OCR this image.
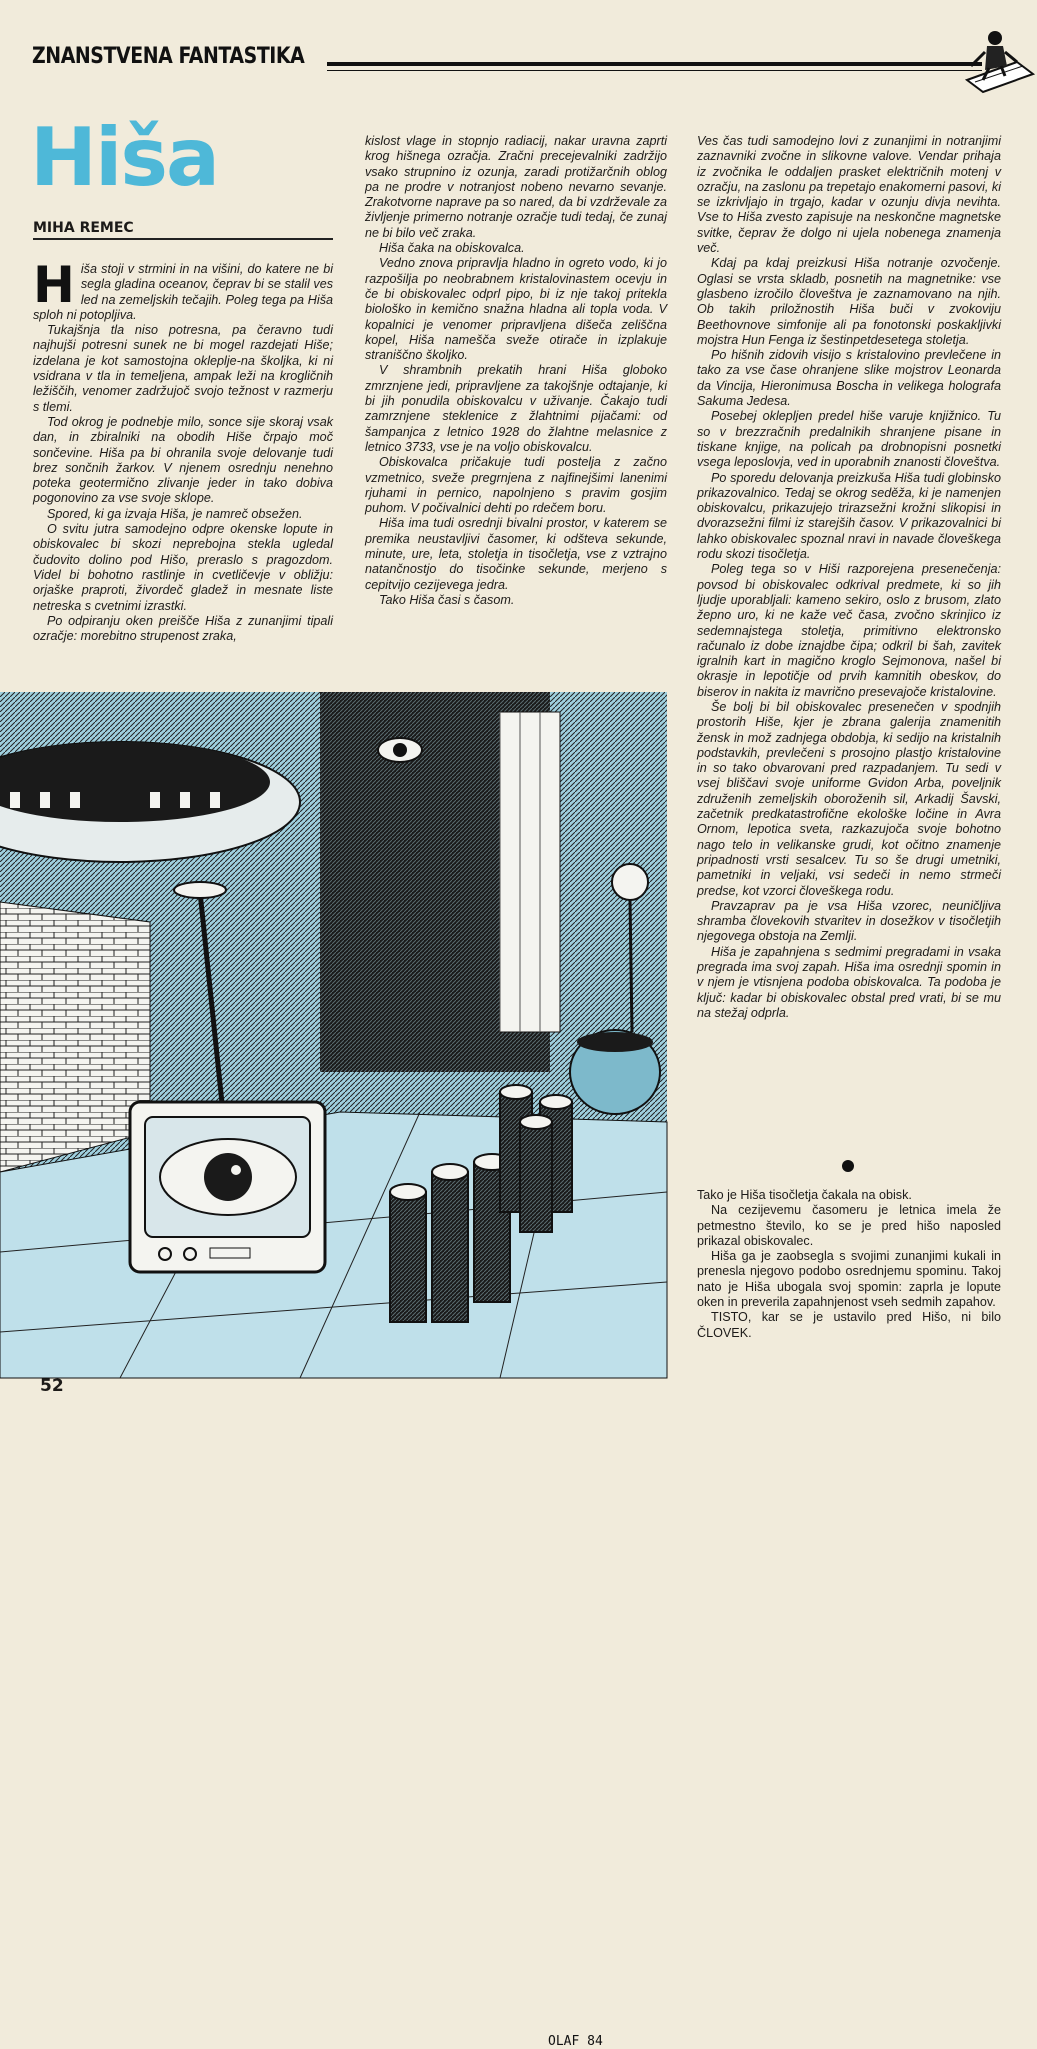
ZNANSTVENA FANTASTIKA
Hiša
MIHA REMEC
H iša stoji v strmini in na višini, do katere ne bi segla gladina oceanov, čeprav bi se stalil ves led na zemeljskih tečajih. Poleg tega pa Hiša sploh ni potopljiva.

Tukajšnja tla niso potresna, pa čeravno tudi najhujši potresni sunek ne bi mogel razdejati Hiše; izdelana je kot samostojna okleplje-na školjka, ki ni vsidrana v tla in temeljena, ampak leži na krogličnih ležiščih, venomer zadržujoč svojo težnost v razmerju s tlemi.

Tod okrog je podnebje milo, sonce sije skoraj vsak dan, in zbiralniki na obodih Hiše črpajo moč sončevine. Hiša pa bi ohranila svoje delovanje tudi brez sončnih žarkov. V njenem osrednju nenehno poteka geotermično zlivanje jeder in tako dobiva pogonovino za vse svoje sklope.

Spored, ki ga izvaja Hiša, je namreč obsežen.

O svitu jutra samodejno odpre okenske lopute in obiskovalec bi skozi neprebojna stekla ugledal čudovito dolino pod Hišo, preraslo s pragozdom. Videl bi bohotno rastlinje in cvetličevje v obližju: orjaške praproti, živordeč gladež in mesnate liste netreska s cvetnimi izrastki.

Po odpiranju oken preišče Hiša z zunanjimi tipali ozračje: morebitno strupenost zraka,

kislost vlage in stopnjo radiacij, nakar uravna zaprti krog hišnega ozračja. Zračni precejevalniki zadržijo vsako strupnino iz ozunja, zaradi protižarčnih oblog pa ne prodre v notranjost nobeno nevarno sevanje. Zrakotvorne naprave pa so nared, da bi vzdrževale za življenje primerno notranje ozračje tudi tedaj, če zunaj ne bi bilo več zraka.

Hiša čaka na obiskovalca.

Vedno znova pripravlja hladno in ogreto vodo, ki jo razpošilja po neobrabnem kristalovinastem ocevju in če bi obiskovalec odprl pipo, bi iz nje takoj pritekla biološko in kemično snažna hladna ali topla voda. V kopalnici je venomer pripravljena dišeča zeliščna kopel, Hiša namešča sveže otirače in izplakuje straniščno školjko.

V shrambnih prekatih hrani Hiša globoko zmrznjene jedi, pripravljene za takojšnje odtajanje, ki bi jih ponudila obiskovalcu v uživanje. Čakajo tudi zamrznjene steklenice z žlahtnimi pijačami: od šampanjca z letnico 1928 do žlahtne melasnice z letnico 3733, vse je na voljo obiskovalcu.

Obiskovalca pričakuje tudi postelja z začno vzmetnico, sveže pregrnjena z najfinejšimi lanenimi rjuhami in pernico, napolnjeno s pravim gosjim puhom. V počivalnici dehti po rdečem boru.

Hiša ima tudi osrednji bivalni prostor, v katerem se premika neustavljivi časomer, ki odšteva sekunde, minute, ure, leta, stoletja in tisočletja, vse z vztrajno natančnostjo do tisočinke sekunde, merjeno s cepitvijo cezijevega jedra.

Tako Hiša časi s časom.

Ves čas tudi samodejno lovi z zunanjimi in notranjimi zaznavniki zvočne in slikovne valove. Vendar prihaja iz zvočnika le oddaljen prasket električnih motenj v ozračju, na zaslonu pa trepetajo enakomerni pasovi, ki se izkrivljajo in trgajo, kadar v ozunju divja nevihta. Vse to Hiša zvesto zapisuje na neskončne magnetske svitke, čeprav že dolgo ni ujela nobenega znamenja več.

Kdaj pa kdaj preizkusi Hiša notranje ozvočenje. Oglasi se vrsta skladb, posnetih na magnetnike: vse glasbeno izročilo človeštva je zaznamovano na njih. Ob takih priložnostih Hiša buči v zvokoviju Beethovnove simfonije ali pa fonotonski poskakljivki mojstra Hun Fenga iz šestinpetdesetega stoletja.

Po hišnih zidovih visijo s kristalovino prevlečene in tako za vse čase ohranjene slike mojstrov Leonarda da Vincija, Hieronimusa Boscha in velikega holografa Sakuma Jedesa.

Posebej oklepljen predel hiše varuje knjižnico. Tu so v brezzračnih predalnikih shranjene pisane in tiskane knjige, na policah pa drobnopisni posnetki vsega leposlovja, ved in uporabnih znanosti človeštva.

Po sporedu delovanja preizkuša Hiša tudi globinsko prikazovalnico. Tedaj se okrog seděža, ki je namenjen obiskovalcu, prikazujejo trirazsežni krožni slikopisi in dvorazsežni filmi iz starejših časov. V prikazovalnici bi lahko obiskovalec spoznal nravi in navade človeškega rodu skozi tisočletja.

Poleg tega so v Hiši razporejena presenečenja: povsod bi obiskovalec odkrival predmete, ki so jih ljudje uporabljali: kameno sekiro, oslo z brusom, zlato žepno uro, ki ne kaže več časa, zvočno skrinjico iz sedemnajstega stoletja, primitivno elektronsko računalo iz dobe iznajdbe čipa; odkril bi šah, zavitek igralnih kart in magično kroglo Sejmonova, našel bi okrasje in lepotičje od prvih kamnitih obeskov, do biserov in nakita iz mavrično presevajoče kristalovine.

Še bolj bi bil obiskovalec presenečen v spodnjih prostorih Hiše, kjer je zbrana galerija znamenitih žensk in mož zadnjega obdobja, ki sedijo na kristalnih podstavkih, prevlečeni s prosojno plastjo kristalovine in so tako obvarovani pred razpadanjem. Tu sedi v vsej bliščavi svoje uniforme Gvidon Arba, poveljnik združenih zemeljskih oboroženih sil, Arkadij Šavski, začetnik predkatastrofične ekološke ločine in Avra Ornom, lepotica sveta, razkazujoča svoje bohotno nago telo in velikanske grudi, kot očitno znamenje pripadnosti vrsti sesalcev. Tu so še drugi umetniki, pametniki in veljaki, vsi sedeči in nemo strmeči predse, kot vzorci človeškega rodu.

Pravzaprav pa je vsa Hiša vzorec, neuničljiva shramba človekovih stvaritev in dosežkov v tisočletjih njegovega obstoja na Zemlji.

Hiša je zapahnjena s sedmimi pregradami in vsaka pregrada ima svoj zapah. Hiša ima osrednji spomin in v njem je vtisnjena podoba obiskovalca. Ta podoba je ključ: kadar bi obiskovalec obstal pred vrati, bi se mu na stežaj odprla.

Tako je Hiša tisočletja čakala na obisk.

Na cezijevemu časomeru je letnica imela že petmestno število, ko se je pred hišo naposled prikazal obiskovalec.

Hiša ga je zaobsegla s svojimi zunanjimi kukali in prenesla njegovo podobo osrednjemu spominu. Takoj nato je Hiša ubogala svoj spomin: zaprla je lopute oken in preverila zapahnjenost vseh sedmih zapahov.

TISTO, kar se je ustavilo pred Hišo, ni bilo ČLOVEK.

OLAF 84
52
